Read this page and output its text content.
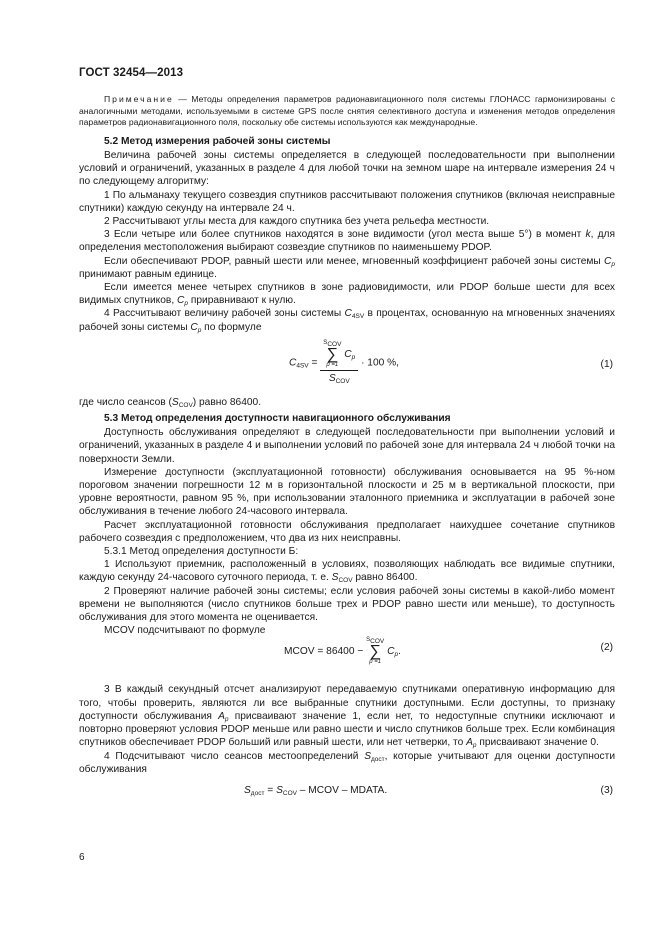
ГОСТ 32454—2013
Примечание — Методы определения параметров радионавигационного поля системы ГЛОНАСС гармонизированы с аналогичными методами, используемыми в системе GPS после снятия селективного доступа и изменения методов определения параметров радионавигационного поля, поскольку обе системы используются как международные.
5.2 Метод измерения рабочей зоны системы

Величина рабочей зоны системы определяется в следующей последовательности при выполнении условий и ограничений, указанных в разделе 4 для любой точки на земном шаре на интервале измерения 24 ч по следующему алгоритму:

1 По альманаху текущего созвездия спутников рассчитывают положения спутников (включая неисправные спутники) каждую секунду на интервале 24 ч.

2 Рассчитывают углы места для каждого спутника без учета рельефа местности.

3 Если четыре или более спутников находятся в зоне видимости (угол места выше 5°) в момент k, для определения местоположения выбирают созвездие спутников по наименьшему PDOP.

Если обеспечивают PDOP, равный шести или менее, мгновенный коэффициент рабочей зоны системы $C_p$ принимают равным единице.

Если имеется менее четырех спутников в зоне радиовидимости, или PDOP больше шести для всех видимых спутников, $C_p$ приравнивают к нулю.

4 Рассчитывают величину рабочей зоны системы $C_{4SV}$ в процентах, основанную на мгновенных значениях рабочей зоны системы $C_p$ по формуле

$C_{4SV}$ =
$S_{COV}$
∑
p =1
$C_p$
$S_{COV}$
· 100 %,	(1)

где число сеансов $(S_{COV})$ равно 86400.

5.3 Метод определения доступности навигационного обслуживания

Доступность обслуживания определяют в следующей последовательности при выполнении условий и ограничений, указанных в разделе 4 и выполнении условий по рабочей зоне для интервала 24 ч любой точки на поверхности Земли.

Измерение доступности (эксплуатационной готовности) обслуживания основывается на 95 %-ном пороговом значении погрешности 12 м в горизонтальной плоскости и 25 м в вертикальной плоскости, при уровне вероятности, равном 95 %, при использовании эталонного приемника и эксплуатации в рабочей зоне обслуживания в течение любого 24-часового интервала.

Расчет эксплуатационной готовности обслуживания предполагает наихудшее сочетание спутников рабочего созвездия с предположением, что два из них неисправны.

5.3.1 Метод определения доступности Б:

1 Используют приемник, расположенный в условиях, позволяющих наблюдать все видимые спутники, каждую секунду 24-часового суточного периода, т. е. $S_{COV}$ равно 86400.

2 Проверяют наличие рабочей зоны системы; если условия рабочей зоны системы в какой-либо момент времени не выполняются (число спутников больше трех и PDOP равно шести или меньше), то доступность обслуживания для этого момента не оценивается.

MCOV подсчитывают по формуле

MCOV = 86400 −
$S_{COV}$
∑
p =1
$C_p$.	(2)

3 В каждый секундный отсчет анализируют передаваемую спутниками оперативную информацию для того, чтобы проверить, являются ли все выбранные спутники доступными. Если доступны, то признаку доступности обслуживания $A_p$ присваивают значение 1, если нет, то недоступные спутники исключают и повторно проверяют условия PDOP меньше или равно шести и число спутников больше трех. Если комбинация спутников обеспечивает PDOP больший или равный шести, или нет четверки, то $A_p$ присваивают значение 0.

4 Подсчитывают число сеансов местоопределений $S_{дост}$, которые учитывают для оценки доступности обслуживания

$S_{дост} = S_{COV}$ – MCOV – MDATA.	(3)
6
